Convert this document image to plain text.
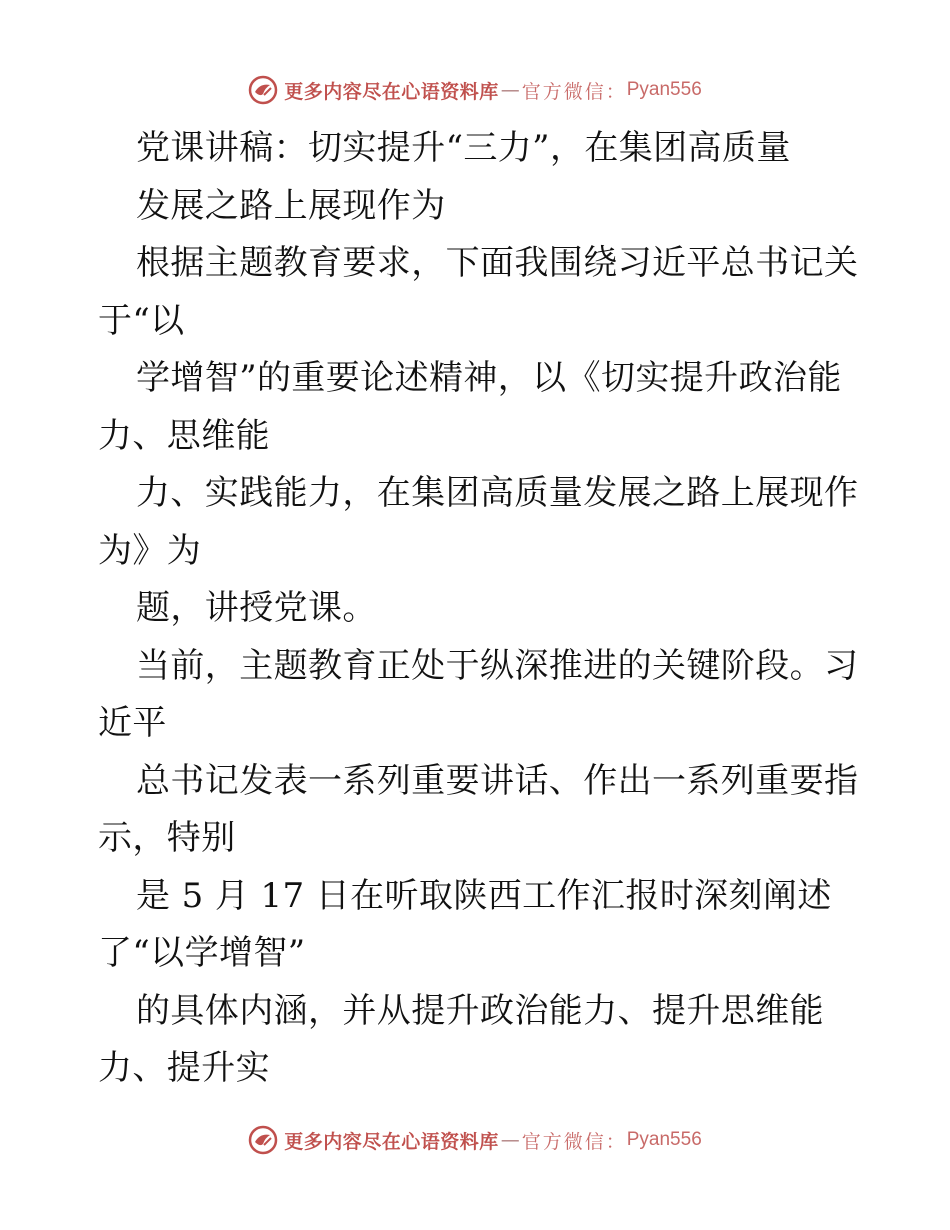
更多内容尽在心语资料库 — 官方微信： Pyan556
党课讲稿：切实提升“三力”，在集团高质量
发展之路上展现作为
根据主题教育要求，下面我围绕习近平总书记关
于“以
学增智”的重要论述精神，以《切实提升政治能
力、思维能
力、实践能力，在集团高质量发展之路上展现作
为》为
题，讲授党课。
当前，主题教育正处于纵深推进的关键阶段。习
近平
总书记发表一系列重要讲话、作出一系列重要指
示，特别
是 5 月 17 日在听取陕西工作汇报时深刻阐述
了“以学增智”
的具体内涵，并从提升政治能力、提升思维能
力、提升实
更多内容尽在心语资料库 — 官方微信： Pyan556
